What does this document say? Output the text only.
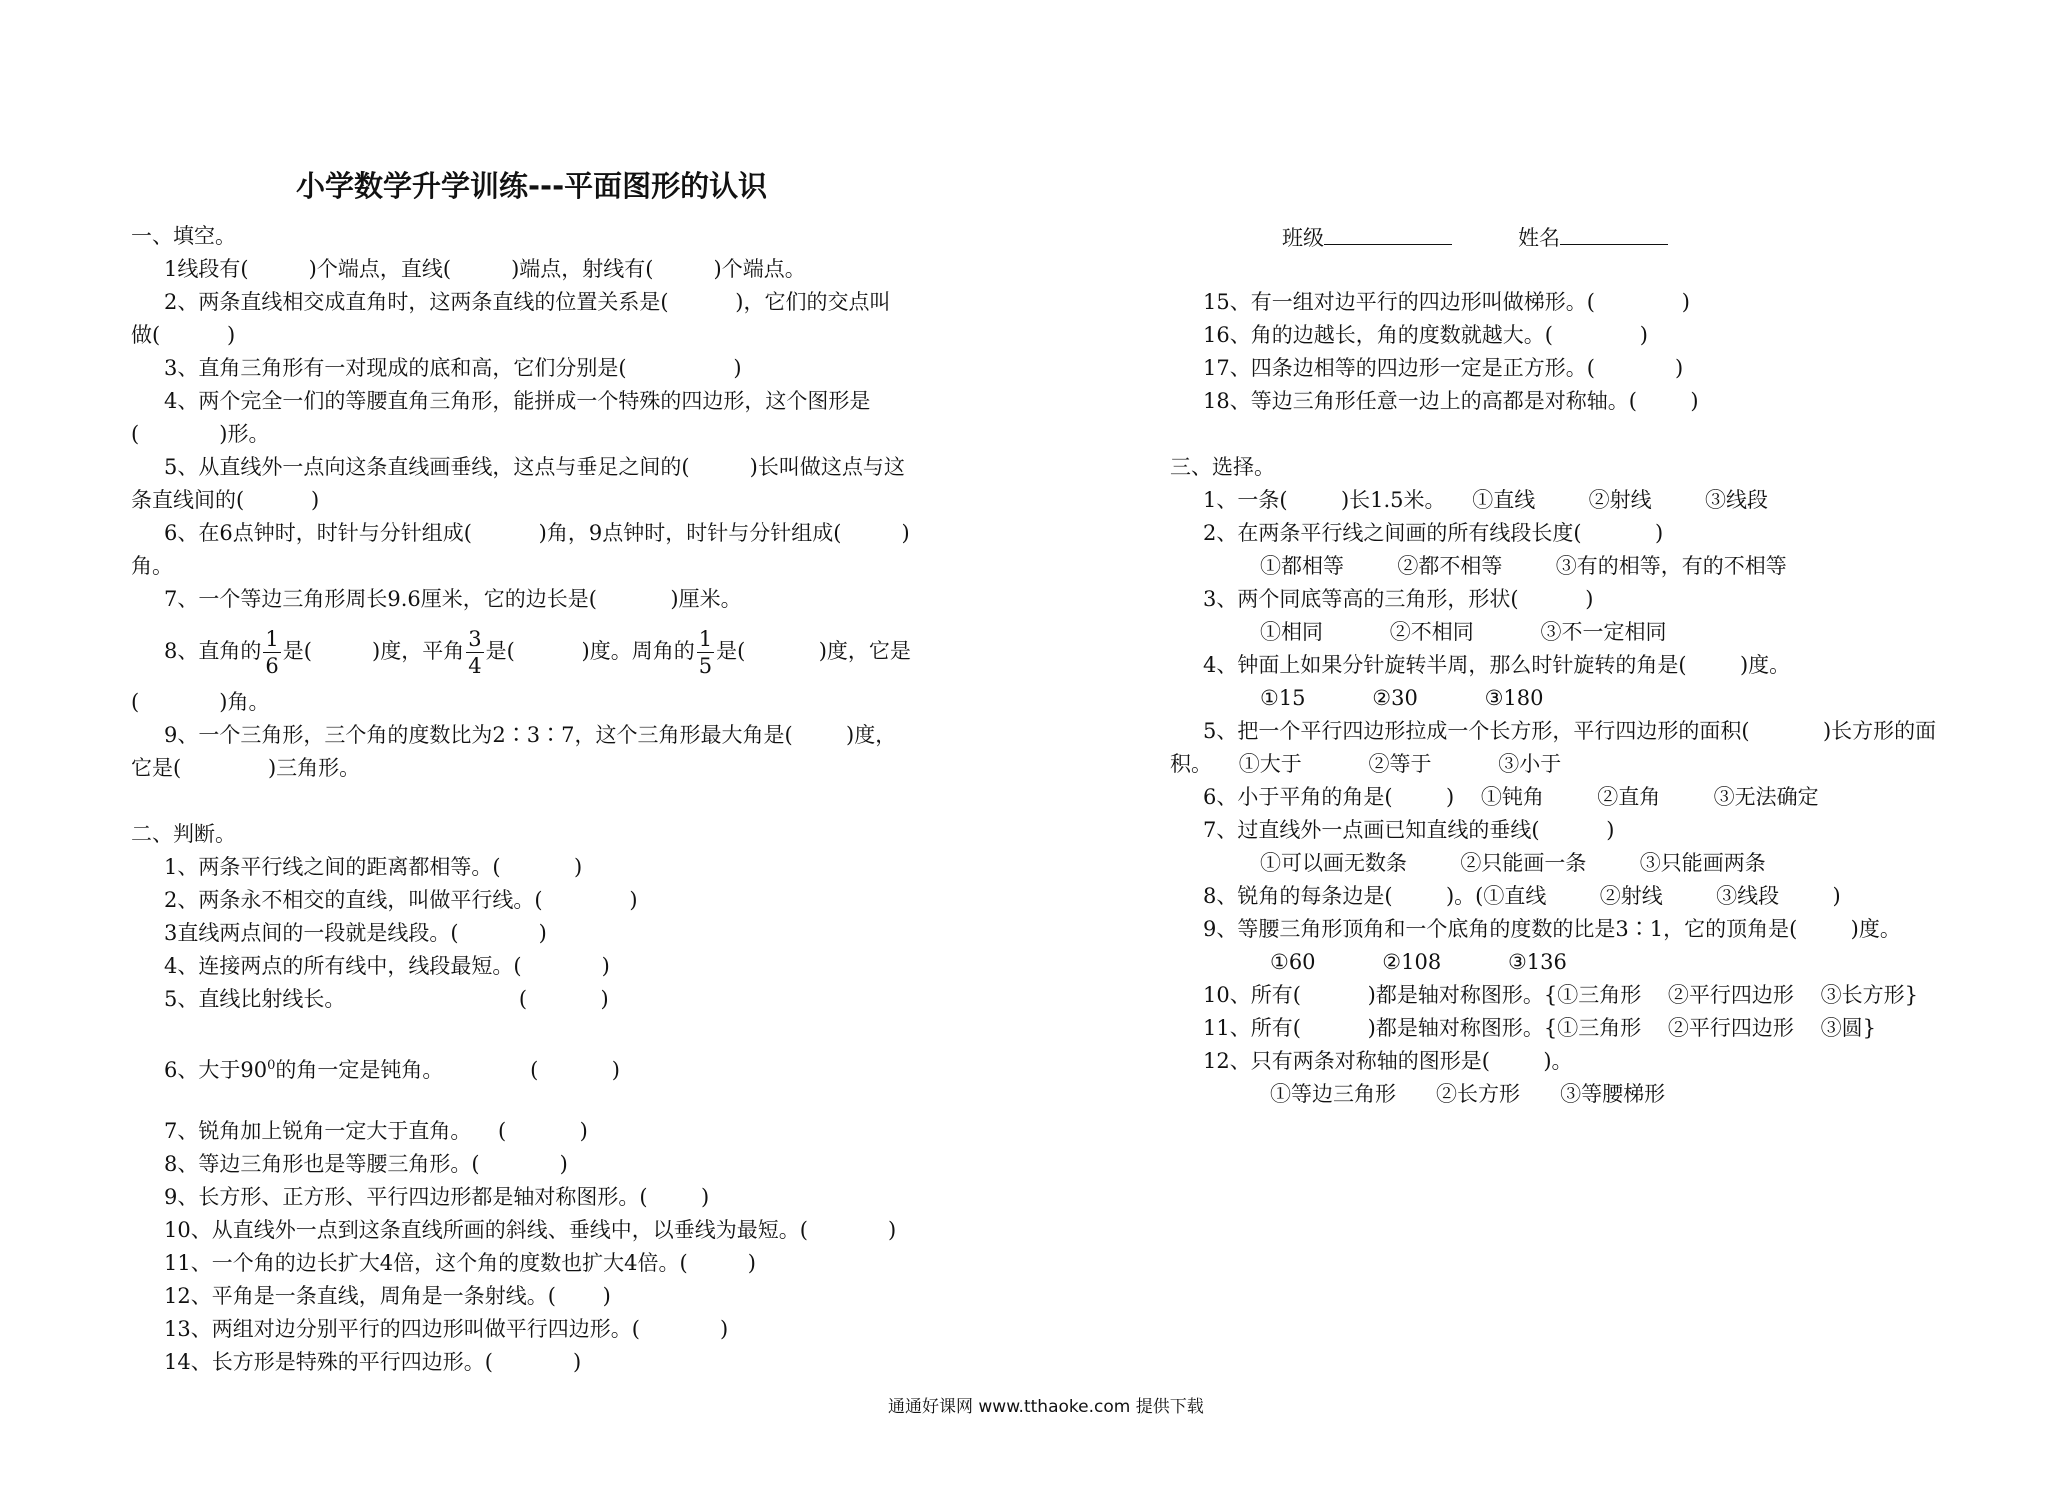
小学数学升学训练---平面图形的认识
班级	姓名
一、填空。
1线段有(         )个端点，直线(         )端点，射线有(         )个端点。
2、两条直线相交成直角时，这两条直线的位置关系是(          )，它们的交点叫
做(          )
3、直角三角形有一对现成的底和高，它们分别是(                )
4、两个完全一们的等腰直角三角形，能拼成一个特殊的四边形，这个图形是
(            )形。
5、从直线外一点向这条直线画垂线，这点与垂足之间的(         )长叫做这点与这
条直线间的(          )
6、在6点钟时，时针与分针组成(          )角，9点钟时，时针与分针组成(         )
角。
7、一个等边三角形周长9.6厘米，它的边长是(           )厘米。
8、直角的 $\frac{1}{6}$ 是(         )度，平角 $\frac{3}{4}$ 是(          )度。周角的 $\frac{1}{5}$ 是(           )度，它是
(            )角。
9、一个三角形，三个角的度数比为2∶3∶7，这个三角形最大角是(        )度，
它是(             )三角形。
二、判断。
1、两条平行线之间的距离都相等。(           )
2、两条永不相交的直线，叫做平行线。(             )
3直线两点间的一段就是线段。(            )
4、连接两点的所有线中，线段最短。(            )
5、直线比射线长。                          (           )
6、大于$90^0$的角一定是钝角。             (           )
7、锐角加上锐角一定大于直角。    (           )
8、等边三角形也是等腰三角形。(            )
9、长方形、正方形、平行四边形都是轴对称图形。(        )
10、从直线外一点到这条直线所画的斜线、垂线中，以垂线为最短。(            )
11、一个角的边长扩大4倍，这个角的度数也扩大4倍。(         )
12、平角是一条直线，周角是一条射线。(       )
13、两组对边分别平行的四边形叫做平行四边形。(            )
14、长方形是特殊的平行四边形。(            )
15、有一组对边平行的四边形叫做梯形。(             )
16、角的边越长，角的度数就越大。(             )
17、四条边相等的四边形一定是正方形。(            )
18、等边三角形任意一边上的高都是对称轴。(        )
三、选择。
1、一条(        )长1.5米。    ①直线        ②射线        ③线段
2、在两条平行线之间画的所有线段长度(           )
①都相等        ②都不相等        ③有的相等，有的不相等
3、两个同底等高的三角形，形状(          )
①相同          ②不相同          ③不一定相同
4、钟面上如果分针旋转半周，那么时针旋转的角是(        )度。
①15          ②30          ③180
5、把一个平行四边形拉成一个长方形，平行四边形的面积(           )长方形的面
积。    ①大于          ②等于          ③小于
6、小于平角的角是(        )    ①钝角        ②直角        ③无法确定
7、过直线外一点画已知直线的垂线(          )
①可以画无数条        ②只能画一条        ③只能画两条
8、锐角的每条边是(        )。(①直线        ②射线        ③线段        )
9、等腰三角形顶角和一个底角的度数的比是3∶1，它的顶角是(        )度。
①60          ②108          ③136
10、所有(          )都是轴对称图形。{①三角形    ②平行四边形    ③长方形}
11、所有(          )都是轴对称图形。{①三角形    ②平行四边形    ③圆}
12、只有两条对称轴的图形是(        )。
①等边三角形      ②长方形      ③等腰梯形
通通好课网 www.tthaoke.com 提供下载
